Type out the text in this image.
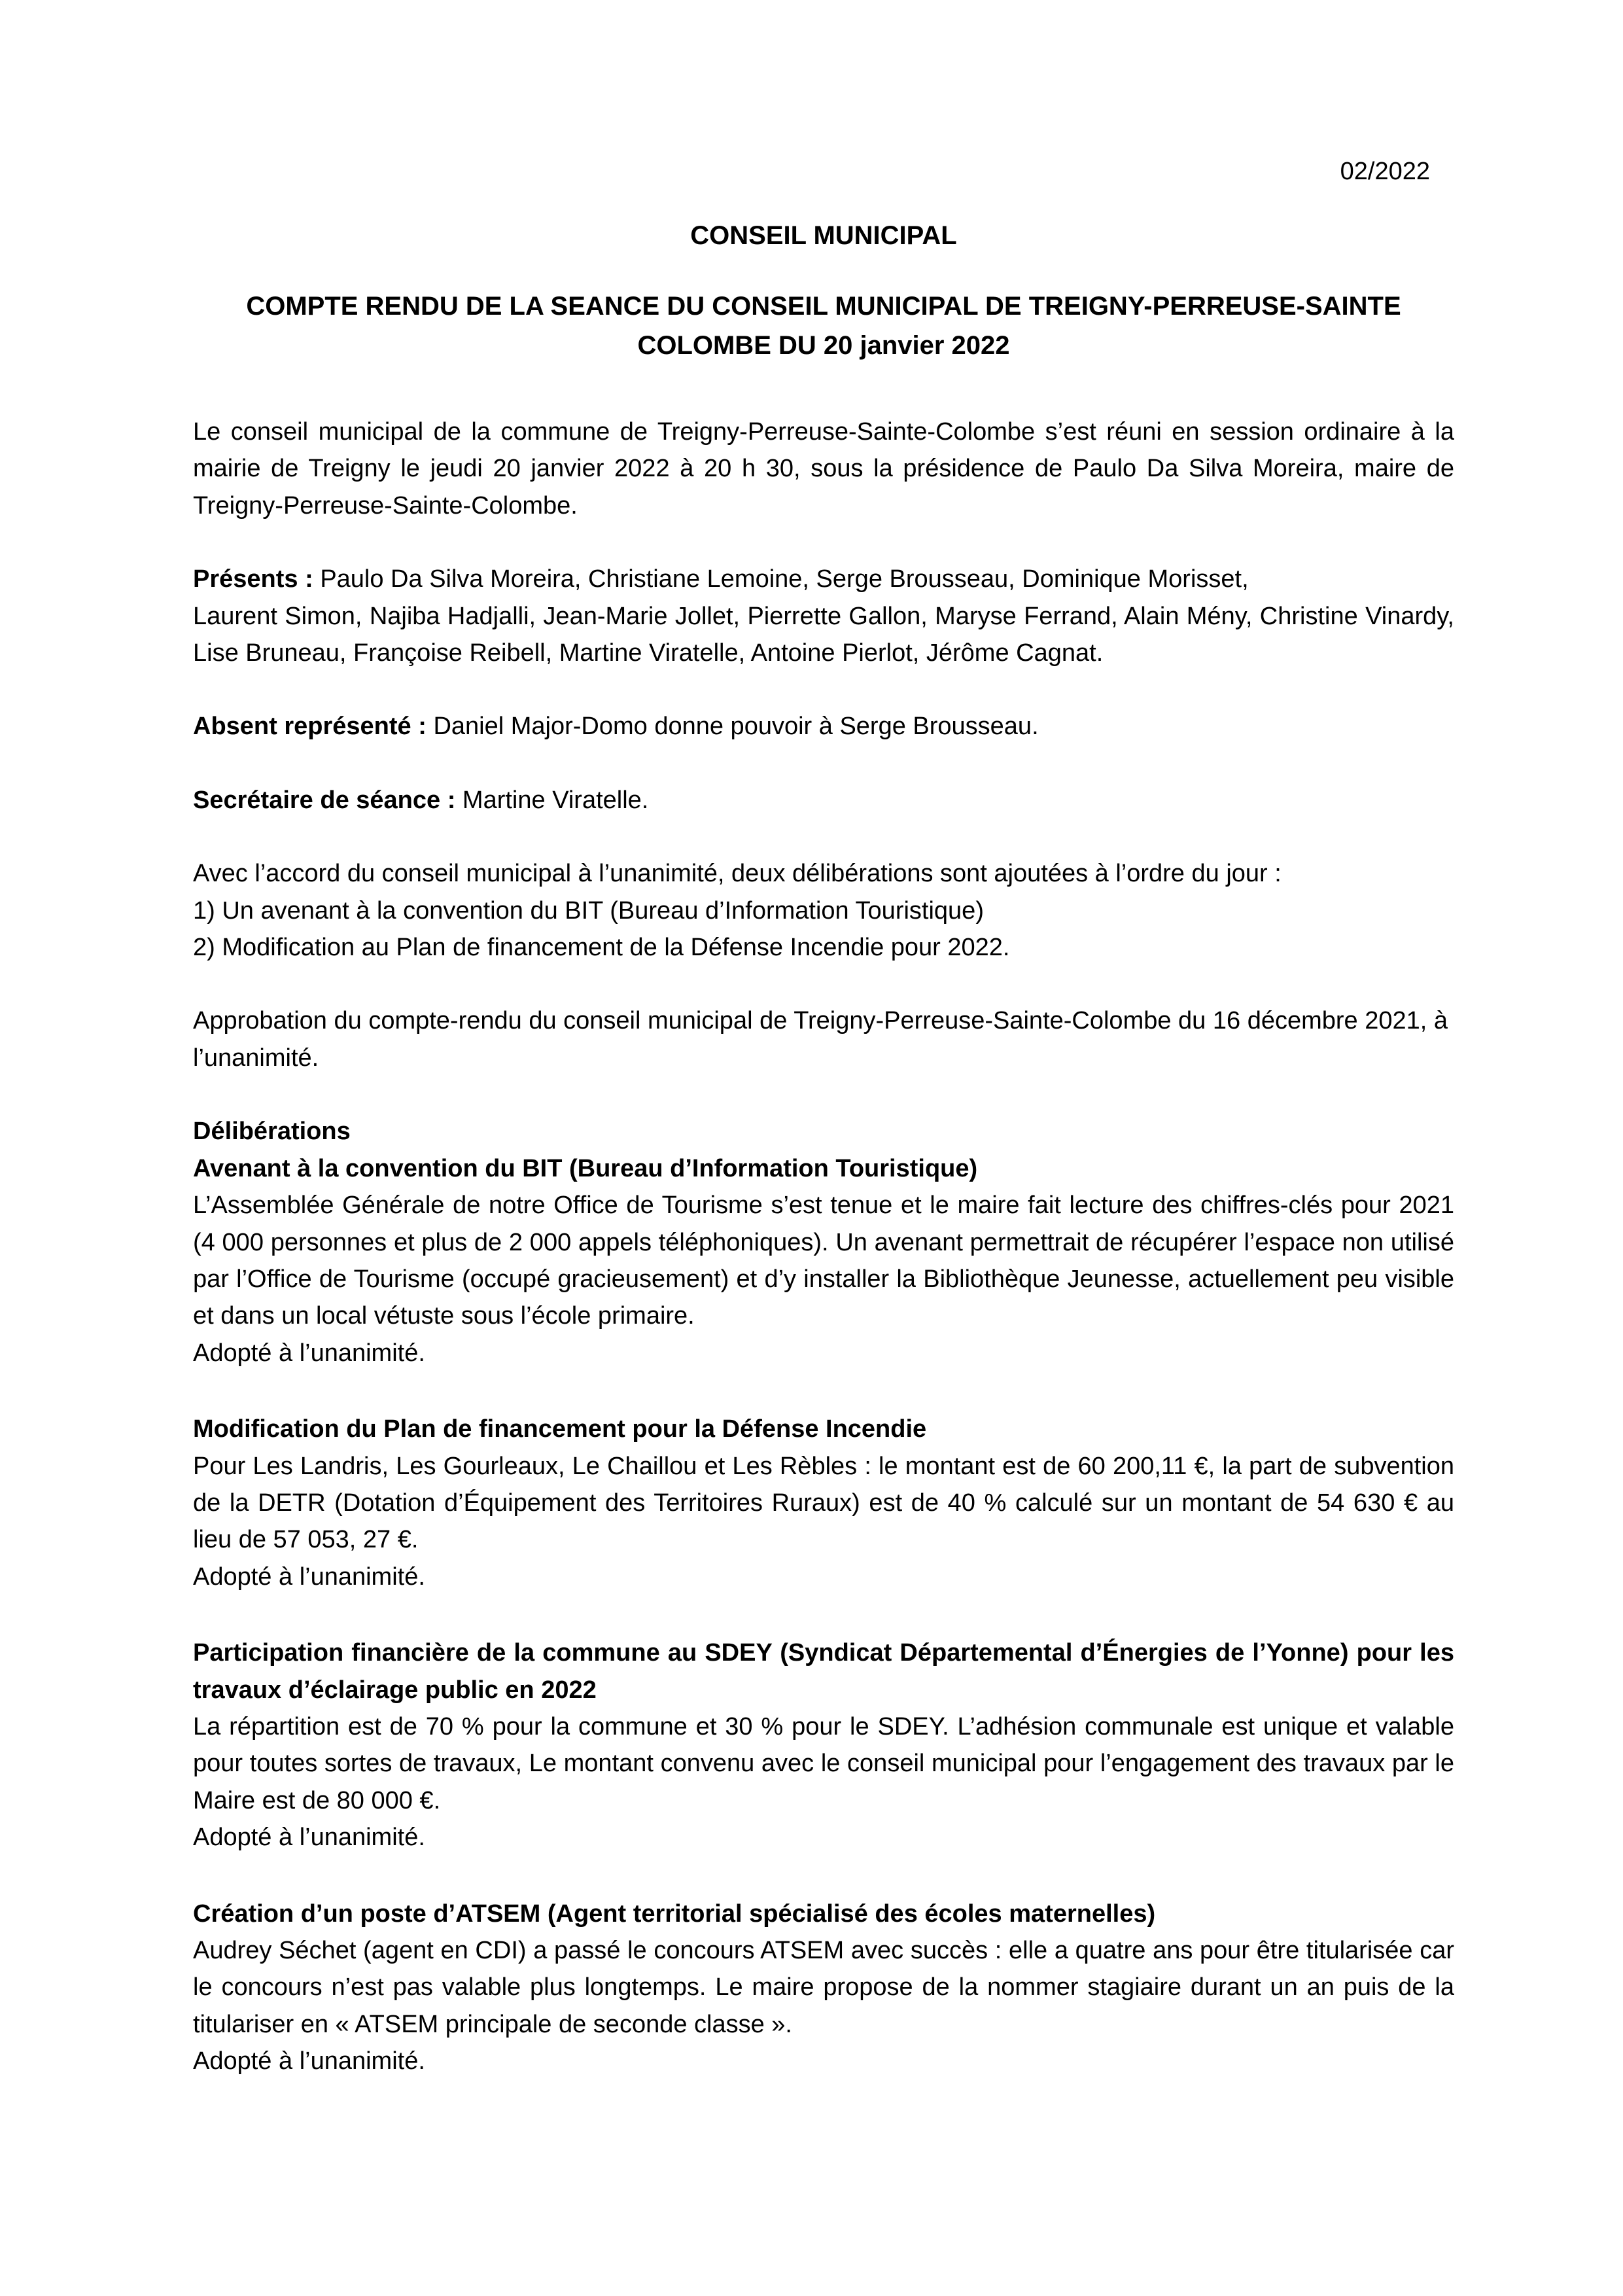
02/2022

CONSEIL MUNICIPAL

COMPTE RENDU DE LA SEANCE DU CONSEIL MUNICIPAL DE TREIGNY-PERREUSE-SAINTE
COLOMBE DU 20 janvier 2022

Le conseil municipal de la commune de Treigny-Perreuse-Sainte-Colombe s’est réuni en session ordinaire à la mairie de Treigny le jeudi 20 janvier 2022 à 20 h 30, sous la présidence de Paulo Da Silva Moreira, maire de Treigny-Perreuse-Sainte-Colombe.

Présents : Paulo Da Silva Moreira, Christiane Lemoine, Serge Brousseau, Dominique Morisset,
Laurent Simon, Najiba Hadjalli, Jean-Marie Jollet, Pierrette Gallon, Maryse Ferrand, Alain Mény, Christine Vinardy, Lise Bruneau, Françoise Reibell, Martine Viratelle, Antoine Pierlot, Jérôme Cagnat.

Absent représenté : Daniel Major-Domo donne pouvoir à Serge Brousseau.

Secrétaire de séance : Martine Viratelle.

Avec l’accord du conseil municipal à l’unanimité, deux délibérations sont ajoutées à l’ordre du jour :
1) Un avenant à la convention du BIT (Bureau d’Information Touristique)
2) Modification au Plan de financement de la Défense Incendie pour 2022.

Approbation du compte-rendu du conseil municipal de Treigny-Perreuse-Sainte-Colombe du 16 décembre 2021, à l’unanimité.

Délibérations
Avenant à la convention du BIT (Bureau d’Information Touristique)
L’Assemblée Générale de notre Office de Tourisme s’est tenue et le maire fait lecture des chiffres-clés pour 2021 (4 000 personnes et plus de 2 000 appels téléphoniques). Un avenant permettrait de récupérer l’espace non utilisé par l’Office de Tourisme (occupé gracieusement) et d’y installer la Bibliothèque Jeunesse, actuellement peu visible et dans un local vétuste sous l’école primaire.
Adopté à l’unanimité.
Modification du Plan de financement pour la Défense Incendie
Pour Les Landris, Les Gourleaux, Le Chaillou et Les Rèbles : le montant est de 60 200,11 €, la part de subvention de la DETR (Dotation d’Équipement des Territoires Ruraux) est de 40 % calculé sur un montant de 54 630 € au lieu de 57 053, 27 €.
Adopté à l’unanimité.
Participation financière de la commune au SDEY (Syndicat Départemental d’Énergies de l’Yonne) pour les travaux d’éclairage public en 2022
La répartition est de 70 % pour la commune et 30 % pour le SDEY. L’adhésion communale est unique et valable pour toutes sortes de travaux, Le montant convenu avec le conseil municipal pour l’engagement des travaux par le Maire est de 80 000 €.
Adopté à l’unanimité.
Création d’un poste d’ATSEM (Agent territorial spécialisé des écoles maternelles)
Audrey Séchet (agent en CDI) a passé le concours ATSEM avec succès : elle a quatre ans pour être titularisée car le concours n’est pas valable plus longtemps. Le maire propose de la nommer stagiaire durant un an puis de la titulariser en « ATSEM principale de seconde classe ».
Adopté à l’unanimité.
